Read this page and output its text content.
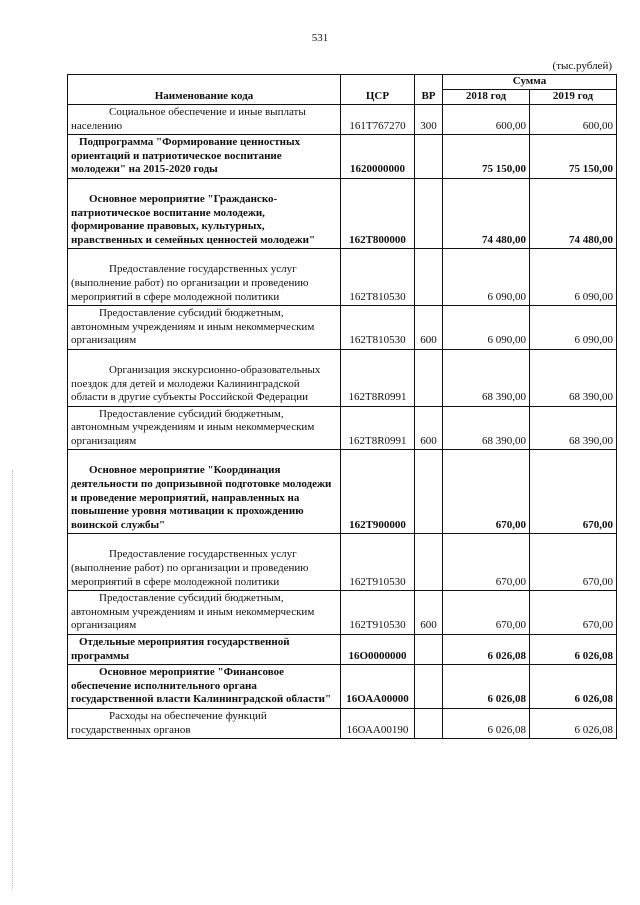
531
(тыс.рублей)
Наименование кода	ЦСР	ВР	Сумма	
			2018 год	2019 год
Социальное обеспечение и иные выплаты населению	161Т767270	300	600,00	600,00
Подпрограмма "Формирование ценностных ориентаций и патриотическое воспитание молодежи" на 2015-2020 годы	1620000000		75 150,00	75 150,00
Основное мероприятие "Гражданско-патриотическое воспитание молодежи, формирование правовых, культурных, нравственных и семейных ценностей молодежи"	162Т800000		74 480,00	74 480,00
Предоставление государственных услуг (выполнение работ) по организации и проведению мероприятий в сфере молодежной политики	162Т810530		6 090,00	6 090,00
Предоставление субсидий бюджетным, автономным учреждениям и иным некоммерческим организациям	162Т810530	600	6 090,00	6 090,00
Организация экскурсионно-образовательных поездок для детей и молодежи Калининградской области в другие субъекты Российской Федерации	162Т8R0991		68 390,00	68 390,00
Предоставление субсидий бюджетным, автономным учреждениям и иным некоммерческим организациям	162Т8R0991	600	68 390,00	68 390,00
Основное мероприятие "Координация деятельности по допризывной подготовке молодежи и проведение мероприятий, направленных на повышение уровня мотивации к прохождению воинской службы"	162Т900000		670,00	670,00
Предоставление государственных услуг (выполнение работ) по организации и проведению мероприятий в сфере молодежной политики	162Т910530		670,00	670,00
Предоставление субсидий бюджетным, автономным учреждениям и иным некоммерческим организациям	162Т910530	600	670,00	670,00
Отдельные мероприятия государственной программы	16О0000000		6 026,08	6 026,08
Основное мероприятие "Финансовое обеспечение исполнительного органа государственной власти Калининградской области"	16ОАА00000		6 026,08	6 026,08
Расходы на обеспечение функций государственных органов	16ОАА00190		6 026,08	6 026,08
